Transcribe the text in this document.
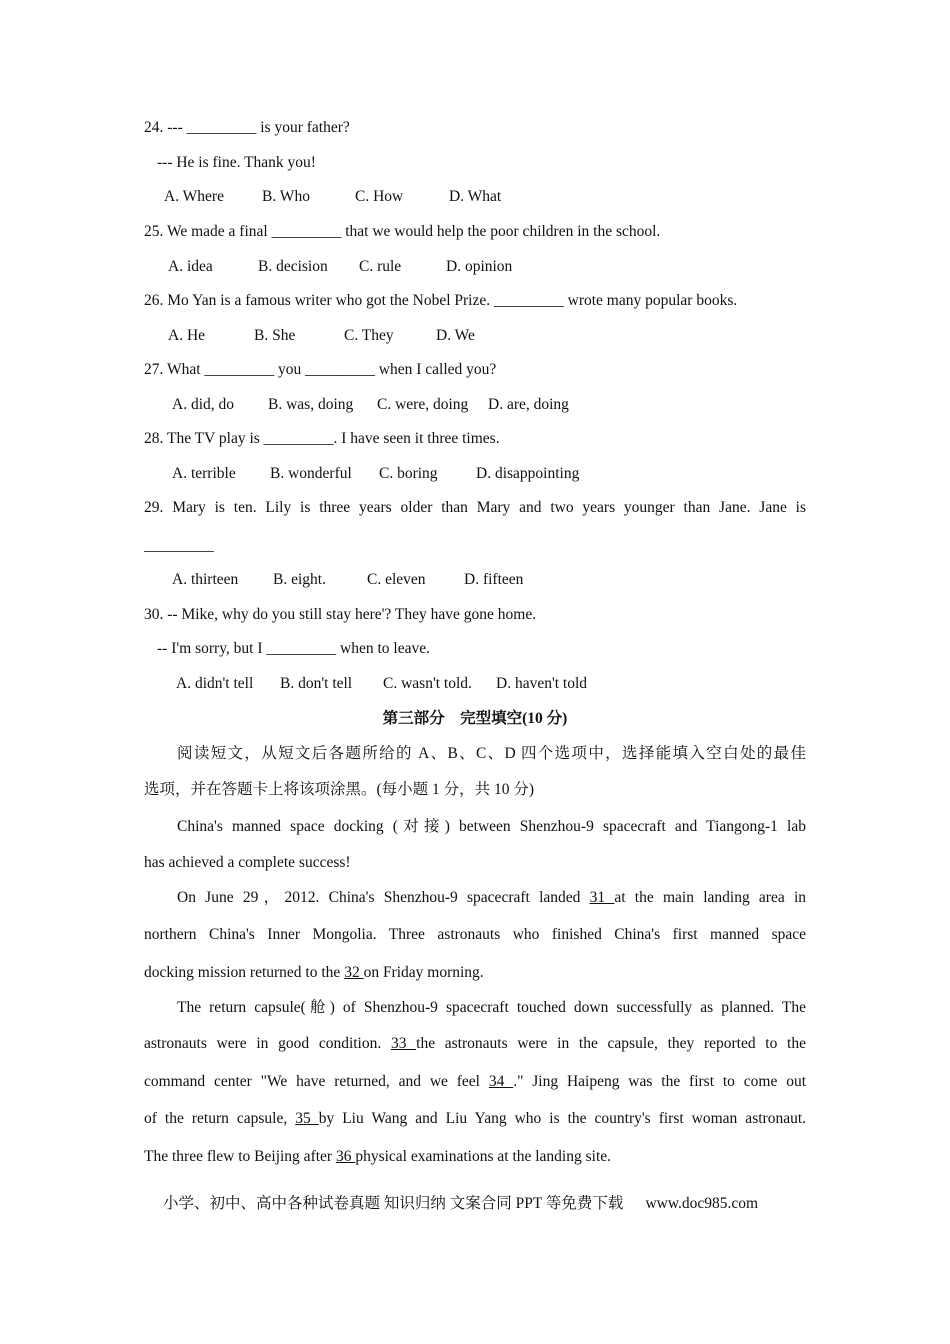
24. --- _________ is your father?
--- He is fine. Thank you!
A. Where B. Who	C. How	D. What
25. We made a final _________ that we would help the poor children in the school.
A. idea	B. decision C. rule	D. opinion
26. Mo Yan is a famous writer who got the Nobel Prize. _________ wrote many popular books.
A. He	B. She	C. They	D. We
27. What _________ you _________ when I called you?
A. did, do B. was, doing C. were, doing D. are, doing
28. The TV play is _________. I have seen it three times.
A. terrible B. wonderful C. boring D. disappointing
29. Mary is ten. Lily is three years older than Mary and two years younger than Jane. Jane is
_________
A. thirteen B. eight.	C. eleven D. fifteen
30. -- Mike, why do you still stay here'? They have gone home.
-- I'm sorry, but I _________ when to leave.
A. didn't tell B. don't tell C. wasn't told. D. haven't told
第三部分　完型填空(10 分)
阅读短文，从短文后各题所给的 A、B、C、D 四个选项中，选择能填入空白处的最佳
选项，并在答题卡上将该项涂黑。(每小题 1 分，共 10 分)
China's manned space docking (对接) between Shenzhou-9 spacecraft and Tiangong-1 lab
has achieved a complete success!
On June 29，2012. China's Shenzhou-9 spacecraft landed 31 at the main landing area in
northern China's Inner Mongolia. Three astronauts who finished China's first manned space
docking mission returned to the 32 on Friday morning.
The return capsule(舱) of Shenzhou-9 spacecraft touched down successfully as planned. The
astronauts were in good condition. 33 the astronauts were in the capsule, they reported to the
command center "We have returned, and we feel 34 ." Jing Haipeng was the first to come out
of the return capsule, 35 by Liu Wang and Liu Yang who is the country's first woman astronaut.
The three flew to Beijing after 36 physical examinations at the landing site.
小学、初中、高中各种试卷真题 知识归纳 文案合同 PPT 等免费下载 www.doc985.com
